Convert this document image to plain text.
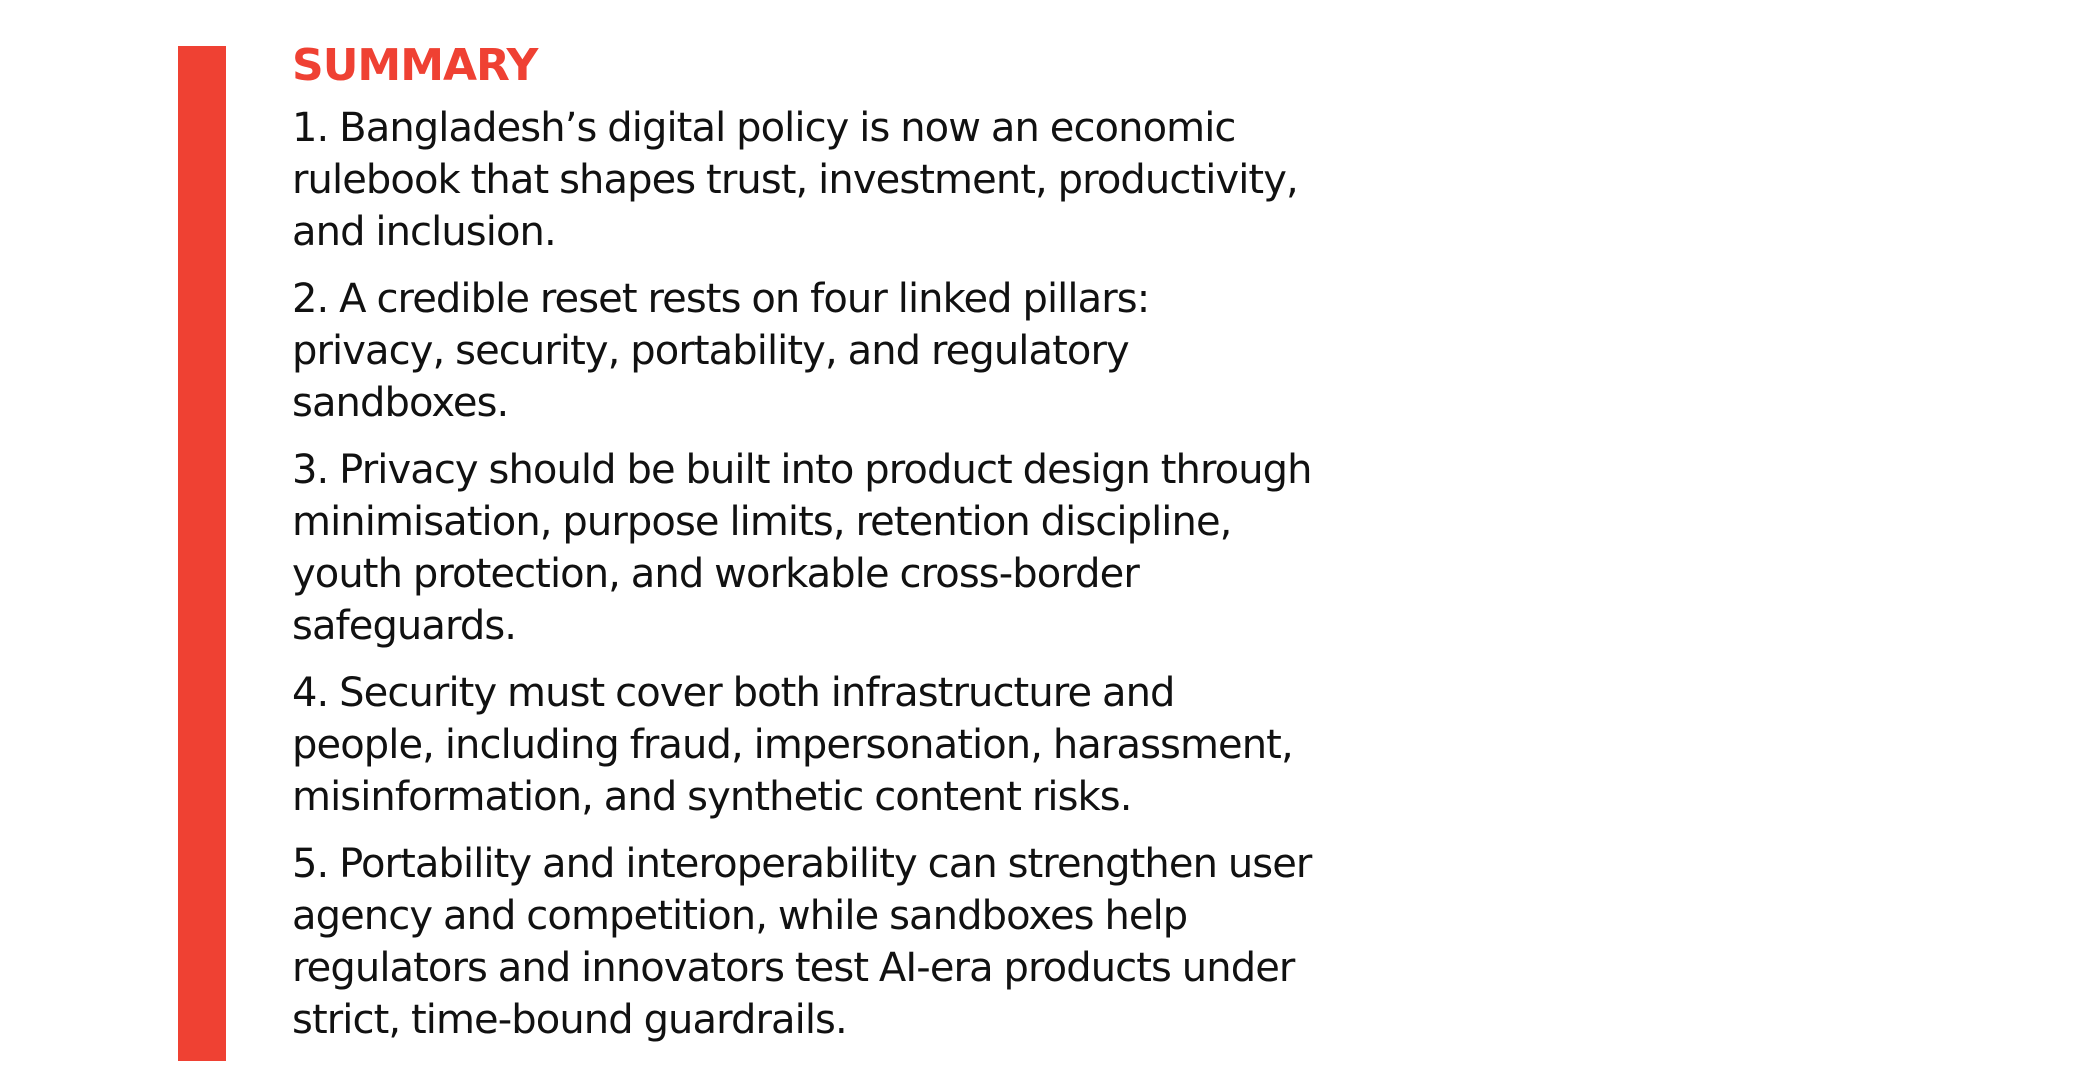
SUMMARY
1. Bangladesh’s digital policy is now an economic rulebook that shapes trust, investment, productivity, and inclusion.
2. A credible reset rests on four linked pillars: privacy, security, portability, and regulatory sandboxes.
3. Privacy should be built into product design through minimisation, purpose limits, retention discipline, youth protection, and workable cross-border safeguards.
4. Security must cover both infrastructure and people, including fraud, impersonation, harassment, misinformation, and synthetic content risks.
5. Portability and interoperability can strengthen user agency and competition, while sandboxes help regulators and innovators test AI-era products under strict, time-bound guardrails.
